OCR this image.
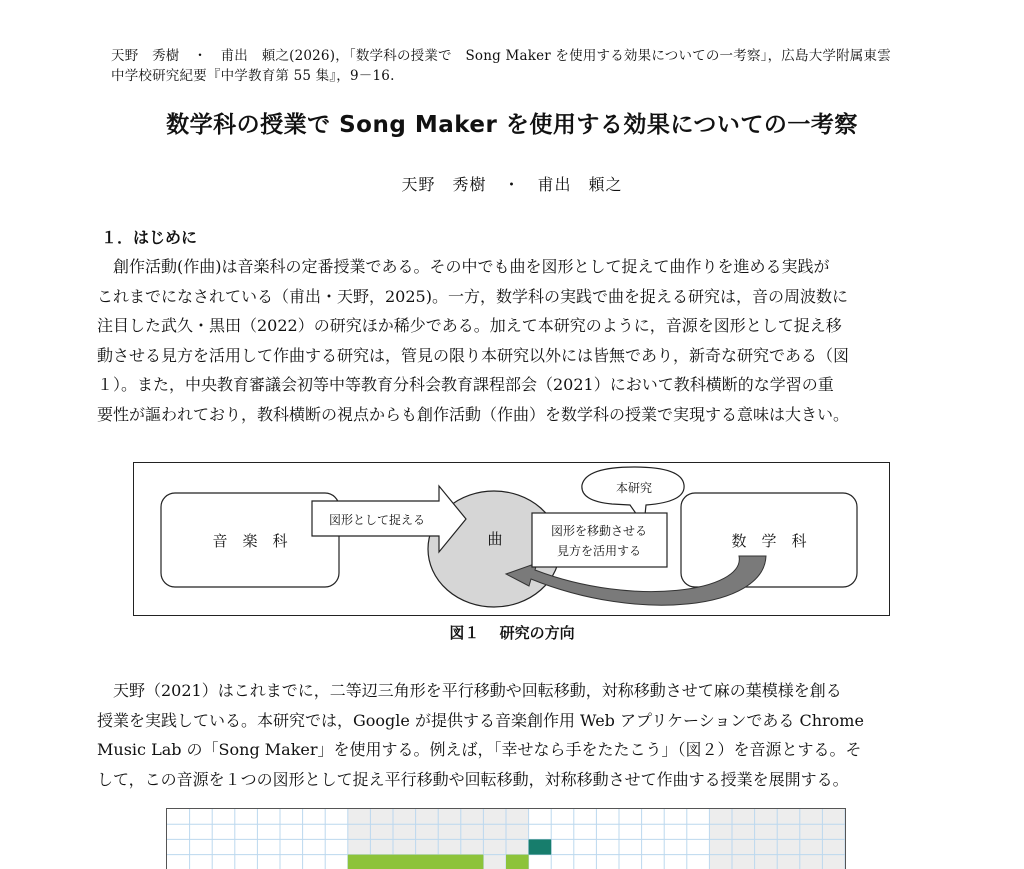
天野　秀樹　・　甫出　頼之(2026)，｢数学科の授業で　Song Maker を使用する効果についての一考察｣，広島大学附属東雲
中学校研究紀要『中学教育第 55 集』，9－16.
数学科の授業で Song Maker を使用する効果についての一考察
天野　秀樹　・　甫出　頼之
１．はじめに
　創作活動(作曲)は音楽科の定番授業である。その中でも曲を図形として捉えて曲作りを進める実践が
これまでになされている（甫出・天野，2025)。一方，数学科の実践で曲を捉える研究は，音の周波数に
注目した武久・黒田（2022）の研究ほか稀少である。加えて本研究のように，音源を図形として捉え移
動させる見方を活用して作曲する研究は，管見の限り本研究以外には皆無であり，新奇な研究である（図
１）。また，中央教育審議会初等中等教育分科会教育課程部会（2021）において教科横断的な学習の重
要性が謳われており，教科横断の視点からも創作活動（作曲）を数学科の授業で実現する意味は大きい。
音　楽　科	曲	数　学　科
図形として捉える
本研究
図形を移動させる
見方を活用する
図１　 研究の方向
　天野（2021）はこれまでに，二等辺三角形を平行移動や回転移動，対称移動させて麻の葉模様を創る
授業を実践している。本研究では，Google が提供する音楽創作用 Web アプリケーションである Chrome
Music Lab の「Song Maker」を使用する。例えば，「幸せなら手をたたこう」（図２）を音源とする。そ
して，この音源を１つの図形として捉え平行移動や回転移動，対称移動させて作曲する授業を展開する。
